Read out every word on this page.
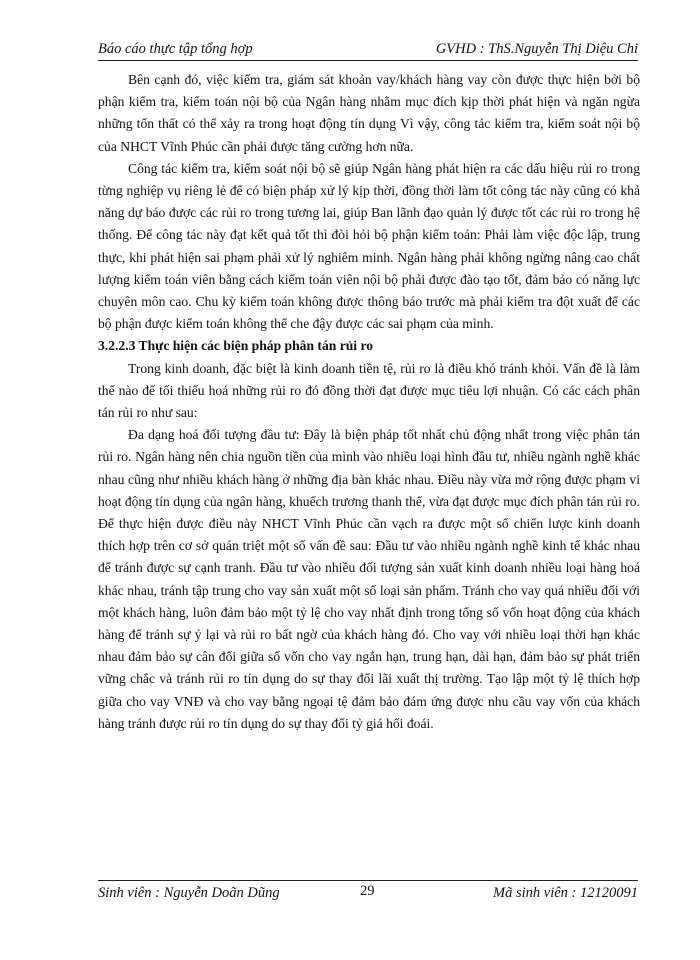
Báo cáo thực tập tổng hợp	GVHD : ThS.Nguyễn Thị Diệu Chi

Bên cạnh đó, việc kiểm tra, giám sát khoản vay/khách hàng vay còn được thực hiện bởi bộ phận kiểm tra, kiểm toán nội bộ của Ngân hàng nhằm mục đích kịp thời phát hiện và ngăn ngừa những tổn thất có thể xảy ra trong hoạt động tín dụng Vì vậy, công tác kiểm tra, kiểm soát nội bộ của NHCT Vĩnh Phúc cần phải được tăng cường hơn nữa.

Công tác kiểm tra, kiểm soát nội bộ sẽ giúp Ngân hàng phát hiện ra các dấu hiệu rủi ro trong từng nghiệp vụ riêng lẻ để có biện pháp xử lý kịp thời, đồng thời làm tốt công tác này cũng có khả năng dự báo được các rủi ro trong tương lai, giúp Ban lãnh đạo quản lý được tốt các rủi ro trong hệ thống. Để công tác này đạt kết quả tốt thì đòi hỏi bộ phận kiểm toán: Phải làm việc độc lập, trung thực, khi phát hiện sai phạm phải xử lý nghiêm minh. Ngân hàng phải không ngừng nâng cao chất lượng kiểm toán viên bằng cách kiểm toán viên nội bộ phải được đào tạo tốt, đảm bảo có năng lực chuyên môn cao. Chu kỳ kiểm toán không được thông báo trước mà phải kiểm tra đột xuất để các bộ phận được kiểm toán không thể che đậy được các sai phạm của mình.

3.2.2.3 Thực hiện các biện pháp phân tán rủi ro

Trong kinh doanh, đặc biệt là kinh doanh tiền tệ, rủi ro là điều khó tránh khỏi. Vấn đề là làm thế nào để tối thiểu hoá những rủi ro đó đồng thời đạt được mục tiêu lợi nhuận. Có các cách phân tán rủi ro như sau:

Đa dạng hoá đối tượng đầu tư: Đây là biện pháp tốt nhất chủ động nhất trong việc phân tán rủi ro. Ngân hàng nên chia nguồn tiền của mình vào nhiều loại hình đầu tư, nhiều ngành nghề khác nhau cũng như nhiều khách hàng ở những địa bàn khác nhau. Điều này vừa mở rộng được phạm vi hoạt động tín dụng của ngân hàng, khuếch trương thanh thế, vừa đạt được mục đích phân tán rủi ro. Để thực hiện được điều này NHCT Vĩnh Phúc cần vạch ra được một số chiến lược kinh doanh thích hợp trên cơ sở quán triệt một số vấn đề sau: Đầu tư vào nhiều ngành nghề kinh tế khác nhau để tránh được sự cạnh tranh. Đầu tư vào nhiều đối tượng sản xuất kinh doanh nhiều loại hàng hoá khác nhau, tránh tập trung cho vay sản xuất một số loại sản phẩm. Tránh cho vay quá nhiều đối với một khách hàng, luôn đảm bảo một tỷ lệ cho vay nhất định trong tổng số vốn hoạt động của khách hàng để tránh sự ỷ lại và rủi ro bất ngờ của khách hàng đó. Cho vay với nhiều loại thời hạn khác nhau đảm bảo sự cân đối giữa số vốn cho vay ngắn hạn, trung hạn, dài hạn, đảm bảo sự phát triển vững chắc và tránh rủi ro tín dụng do sự thay đổi lãi xuất thị trường. Tạo lập một tỷ lệ thích hợp giữa cho vay VNĐ và cho vay bằng ngoại tệ đảm bảo đám ứng được nhu cầu vay vốn của khách hàng tránh được rủi ro tín dụng do sự thay đổi tỷ giá hối đoái.

Sinh viên : Nguyễn Doãn Dũng	29	Mã sinh viên : 12120091
